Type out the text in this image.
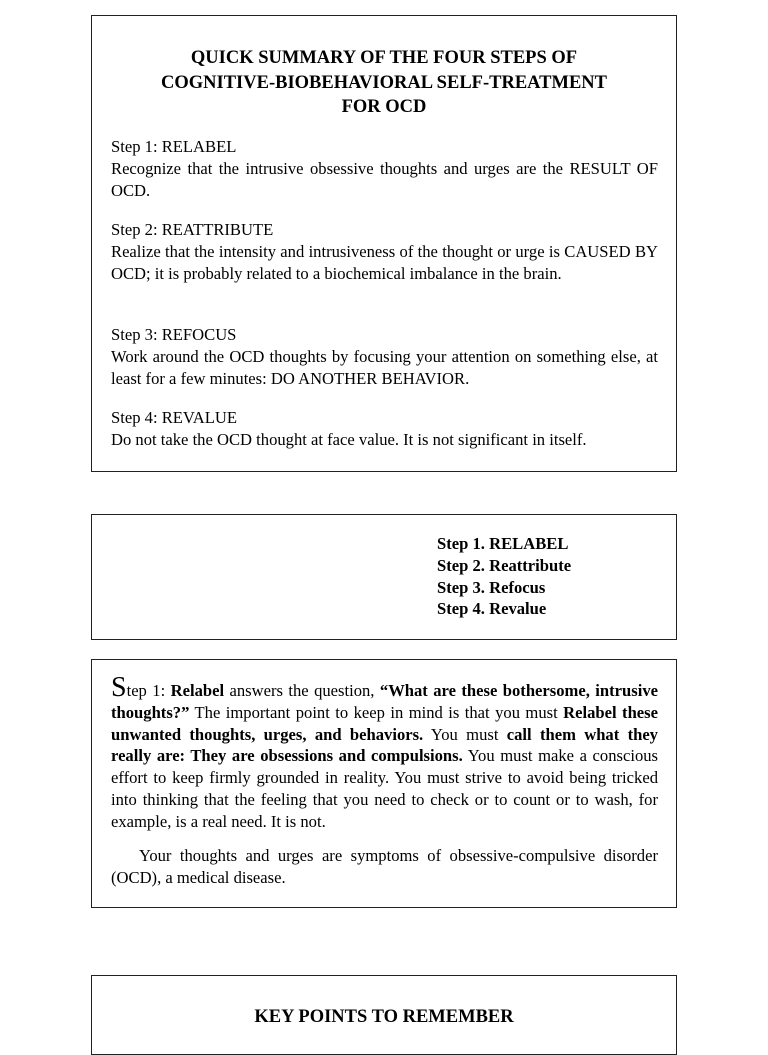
QUICK SUMMARY OF THE FOUR STEPS OF
COGNITIVE-BIOBEHAVIORAL SELF-TREATMENT
FOR OCD

Step 1: RELABEL
Recognize that the intrusive obsessive thoughts and urges are the RESULT OF OCD.

Step 2: REATTRIBUTE
Realize that the intensity and intrusiveness of the thought or urge is CAUSED BY OCD; it is probably related to a biochemical imbalance in the brain.

Step 3: REFOCUS
Work around the OCD thoughts by focusing your attention on something else, at least for a few minutes: DO ANOTHER BEHAVIOR.

Step 4: REVALUE
Do not take the OCD thought at face value. It is not significant in itself.

Step 1. RELABEL
Step 2. Reattribute
Step 3. Refocus
Step 4. Revalue

Step 1: Relabel answers the question, “What are these bothersome, intrusive thoughts?” The important point to keep in mind is that you must Relabel these unwanted thoughts, urges, and behaviors. You must call them what they really are: They are obsessions and compulsions. You must make a conscious effort to keep firmly grounded in reality. You must strive to avoid being tricked into thinking that the feeling that you need to check or to count or to wash, for example, is a real need. It is not.

Your thoughts and urges are symptoms of obsessive-compulsive disorder (OCD), a medical disease.

KEY POINTS TO REMEMBER
